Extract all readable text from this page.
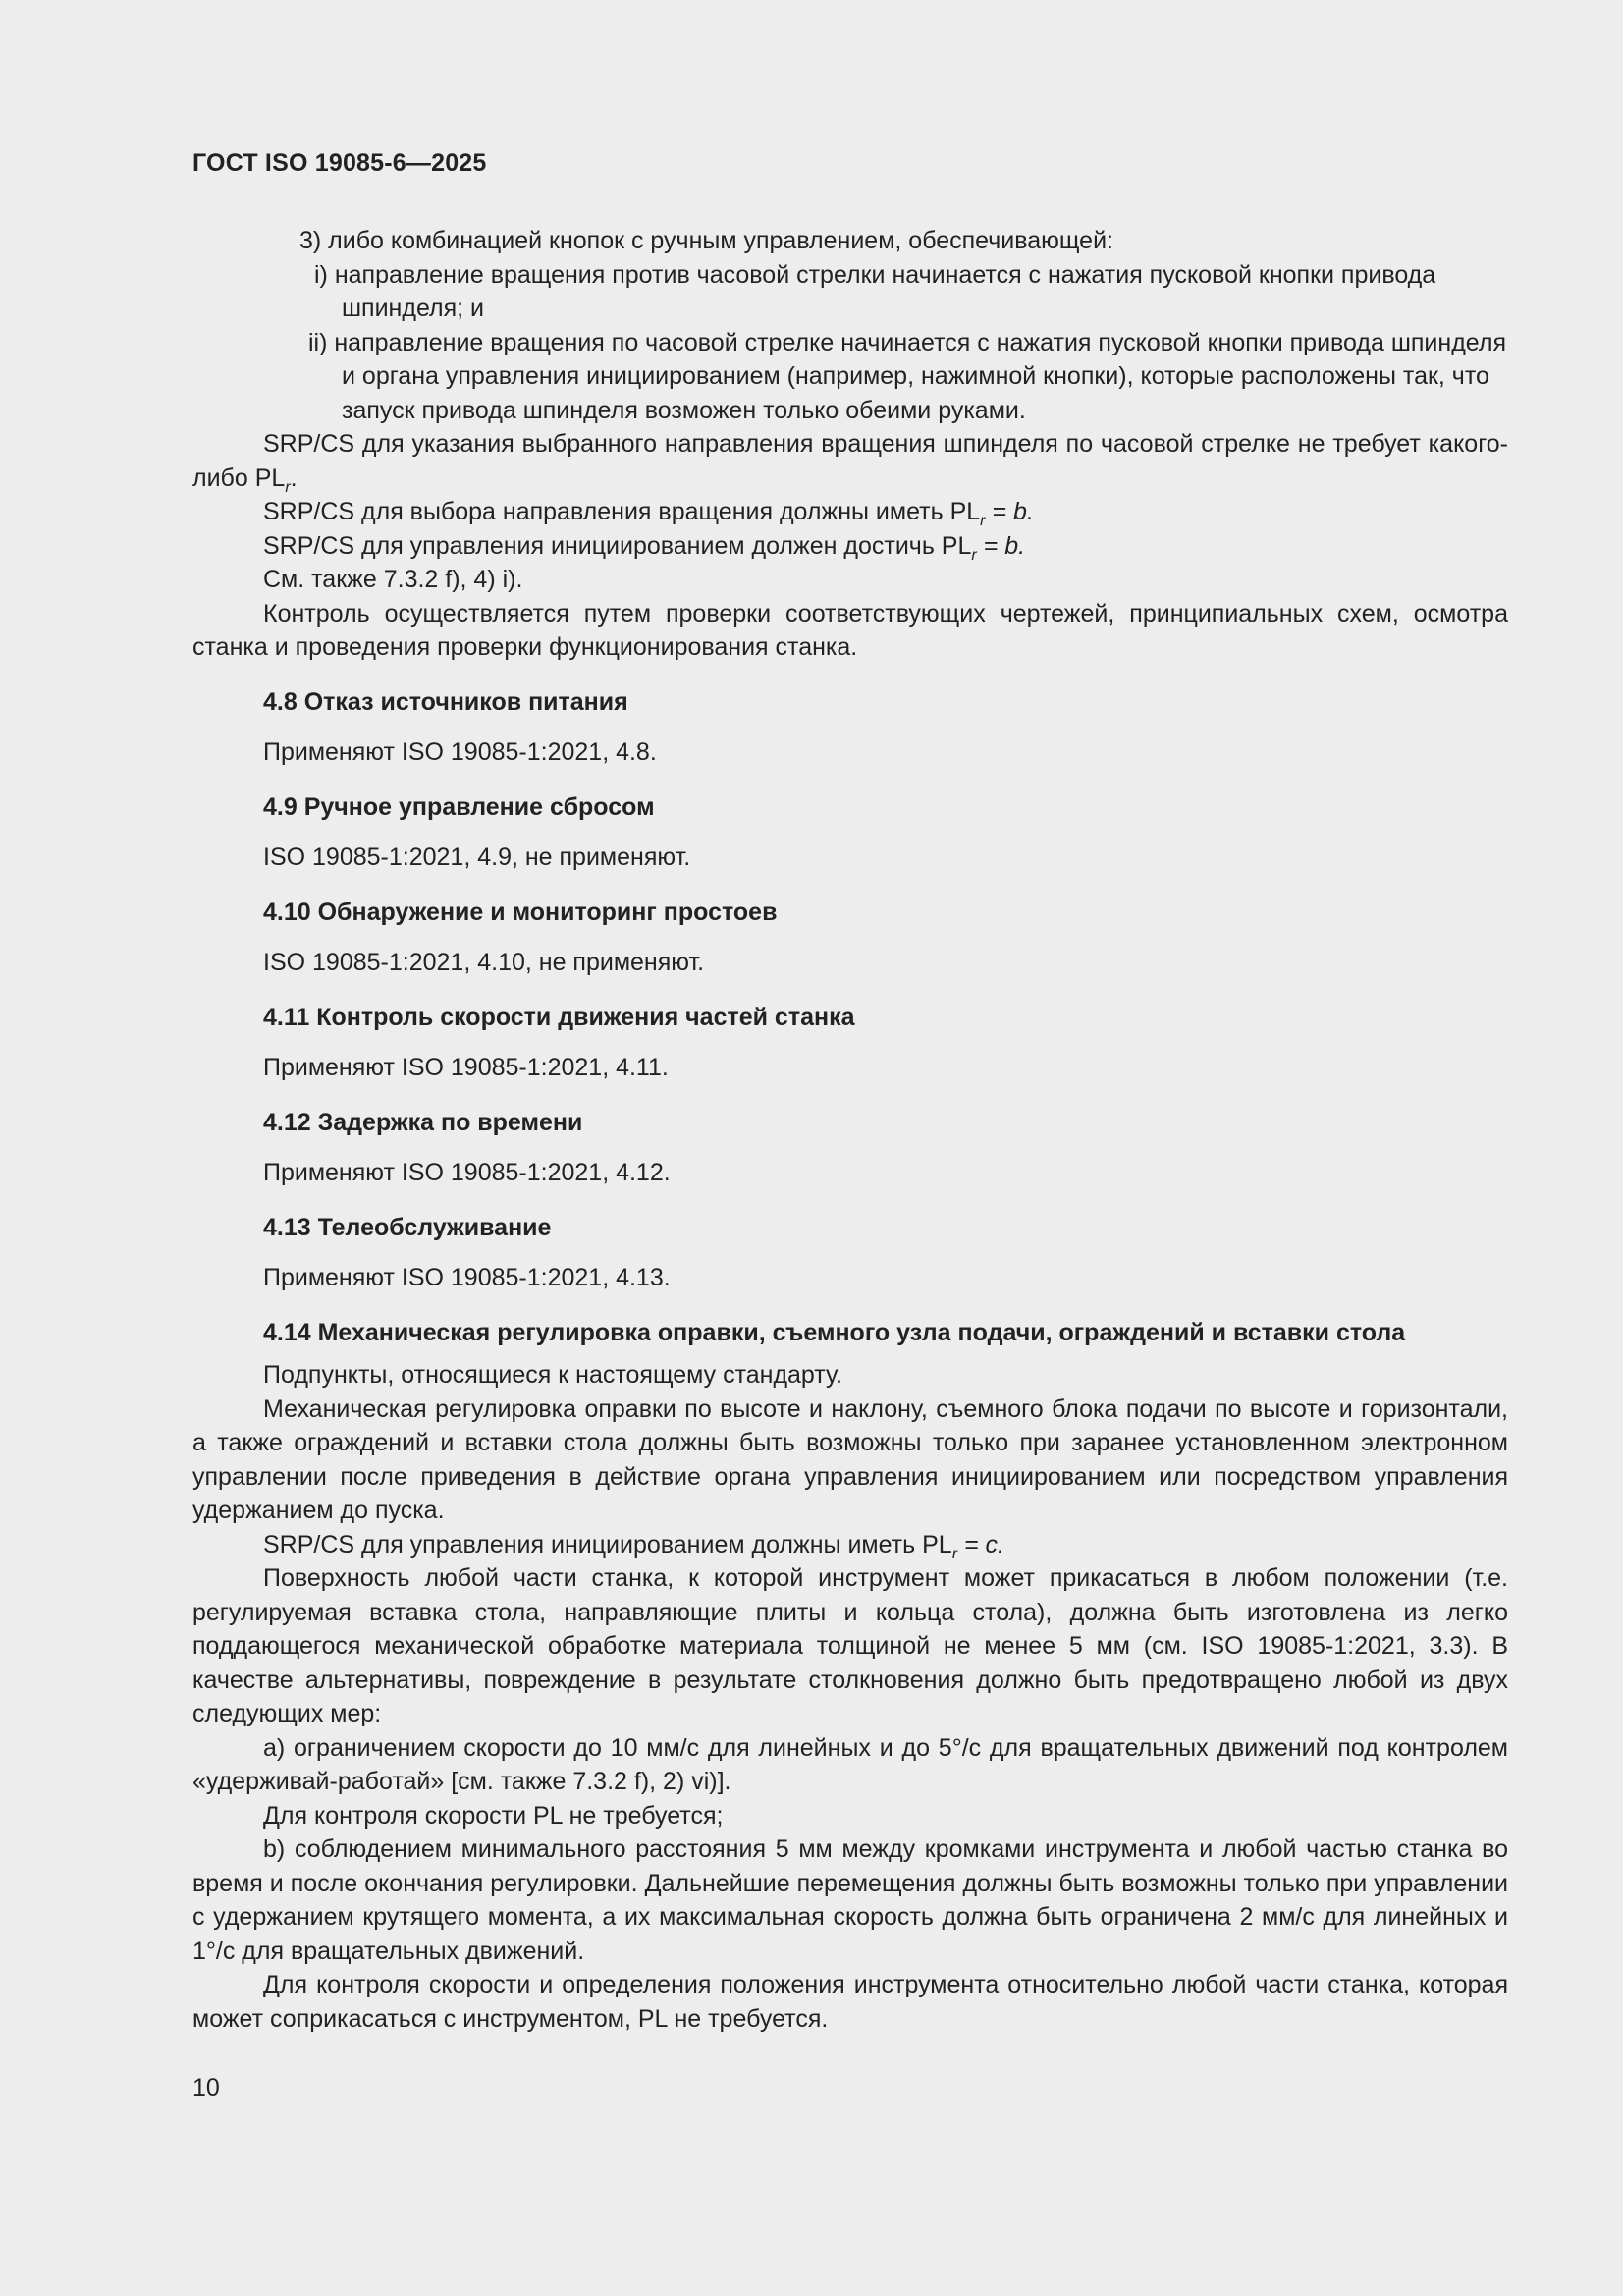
ГОСТ ISO 19085-6—2025

3) либо комбинацией кнопок с ручным управлением, обеспечивающей:

i) направление вращения против часовой стрелки начинается с нажатия пусковой кнопки привода шпинделя; и

ii) направление вращения по часовой стрелке начинается с нажатия пусковой кнопки привода шпинделя и органа управления инициированием (например, нажимной кнопки), которые расположены так, что запуск привода шпинделя возможен только обеими руками.

SRP/CS для указания выбранного направления вращения шпинделя по часовой стрелке не требует какого-либо $PL_r$.

SRP/CS для выбора направления вращения должны иметь $PL_r = b$.

SRP/CS для управления инициированием должен достичь $PL_r = b$.

См. также 7.3.2 f), 4) i).

Контроль осуществляется путем проверки соответствующих чертежей, принципиальных схем, осмотра станка и проведения проверки функционирования станка.

4.8 Отказ источников питания

Применяют ISO 19085-1:2021, 4.8.

4.9 Ручное управление сбросом

ISO 19085-1:2021, 4.9, не применяют.

4.10 Обнаружение и мониторинг простоев

ISO 19085-1:2021, 4.10, не применяют.

4.11 Контроль скорости движения частей станка

Применяют ISO 19085-1:2021, 4.11.

4.12 Задержка по времени

Применяют ISO 19085-1:2021, 4.12.

4.13 Телеобслуживание

Применяют ISO 19085-1:2021, 4.13.

4.14 Механическая регулировка оправки, съемного узла подачи, ограждений и вставки стола

Подпункты, относящиеся к настоящему стандарту.

Механическая регулировка оправки по высоте и наклону, съемного блока подачи по высоте и горизонтали, а также ограждений и вставки стола должны быть возможны только при заранее установленном электронном управлении после приведения в действие органа управления инициированием или посредством управления удержанием до пуска.

SRP/CS для управления инициированием должны иметь $PL_r = c$.

Поверхность любой части станка, к которой инструмент может прикасаться в любом положении (т.е. регулируемая вставка стола, направляющие плиты и кольца стола), должна быть изготовлена из легко поддающегося механической обработке материала толщиной не менее 5 мм (см. ISO 19085-1:2021, 3.3). В качестве альтернативы, повреждение в результате столкновения должно быть предотвращено любой из двух следующих мер:

a) ограничением скорости до 10 мм/с для линейных и до 5°/с для вращательных движений под контролем «удерживай-работай» [см. также 7.3.2 f), 2) vi)].

Для контроля скорости PL не требуется;

b) соблюдением минимального расстояния 5 мм между кромками инструмента и любой частью станка во время и после окончания регулировки. Дальнейшие перемещения должны быть возможны только при управлении с удержанием крутящего момента, а их максимальная скорость должна быть ограничена 2 мм/с для линейных и 1°/с для вращательных движений.

Для контроля скорости и определения положения инструмента относительно любой части станка, которая может соприкасаться с инструментом, PL не требуется.

10
